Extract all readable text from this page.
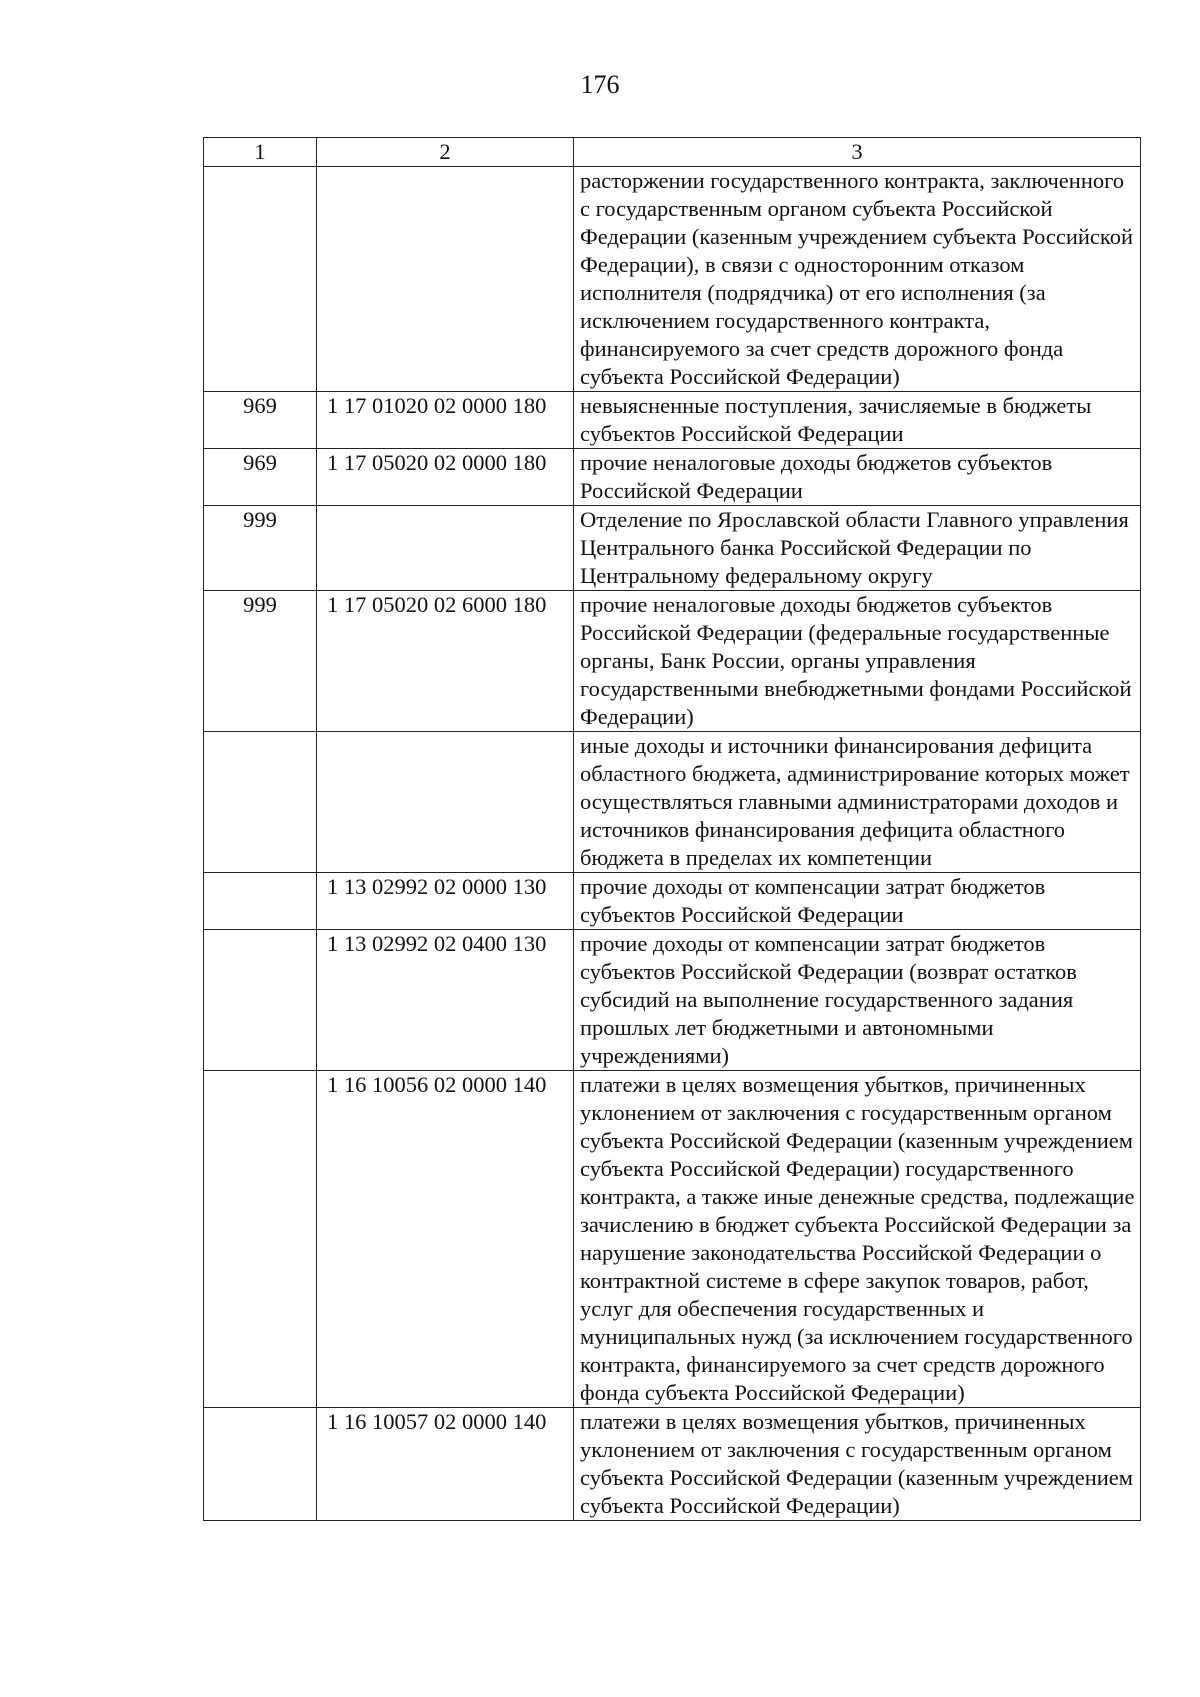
176
1	2	3
		расторжении государственного контракта, заключенного с государственным органом субъекта Российской Федерации (казенным учреждением субъекта Российской Федерации), в связи с односторонним отказом исполнителя (подрядчика) от его исполнения (за исключением государственного контракта, финансируемого за счет средств дорожного фонда субъекта Российской Федерации)
969	1 17 01020 02 0000 180	невыясненные поступления, зачисляемые в бюджеты субъектов Российской Федерации
969	1 17 05020 02 0000 180	прочие неналоговые доходы бюджетов субъектов Российской Федерации
999		Отделение по Ярославской области Главного управления Центрального банка Российской Федерации по Центральному федеральному округу
999	1 17 05020 02 6000 180	прочие неналоговые доходы бюджетов субъектов Российской Федерации (федеральные государственные органы, Банк России, органы управления государственными внебюджетными фондами Российской Федерации)
		иные доходы и источники финансирования дефицита областного бюджета, администрирование которых может осуществляться главными администраторами доходов и источников финансирования дефицита областного бюджета в пределах их компетенции
	1 13 02992 02 0000 130	прочие доходы от компенсации затрат бюджетов субъектов Российской Федерации
	1 13 02992 02 0400 130	прочие доходы от компенсации затрат бюджетов субъектов Российской Федерации (возврат остатков субсидий на выполнение государственного задания прошлых лет бюджетными и автономными учреждениями)
	1 16 10056 02 0000 140	платежи в целях возмещения убытков, причиненных уклонением от заключения с государственным органом субъекта Российской Федерации (казенным учреждением субъекта Российской Федерации) государственного контракта, а также иные денежные средства, подлежащие зачислению в бюджет субъекта Российской Федерации за нарушение законодательства Российской Федерации о контрактной системе в сфере закупок товаров, работ, услуг для обеспечения государственных и муниципальных нужд (за исключением государственного контракта, финансируемого за счет средств дорожного фонда субъекта Российской Федерации)
	1 16 10057 02 0000 140	платежи в целях возмещения убытков, причиненных уклонением от заключения с государственным органом субъекта Российской Федерации (казенным учреждением субъекта Российской Федерации)
